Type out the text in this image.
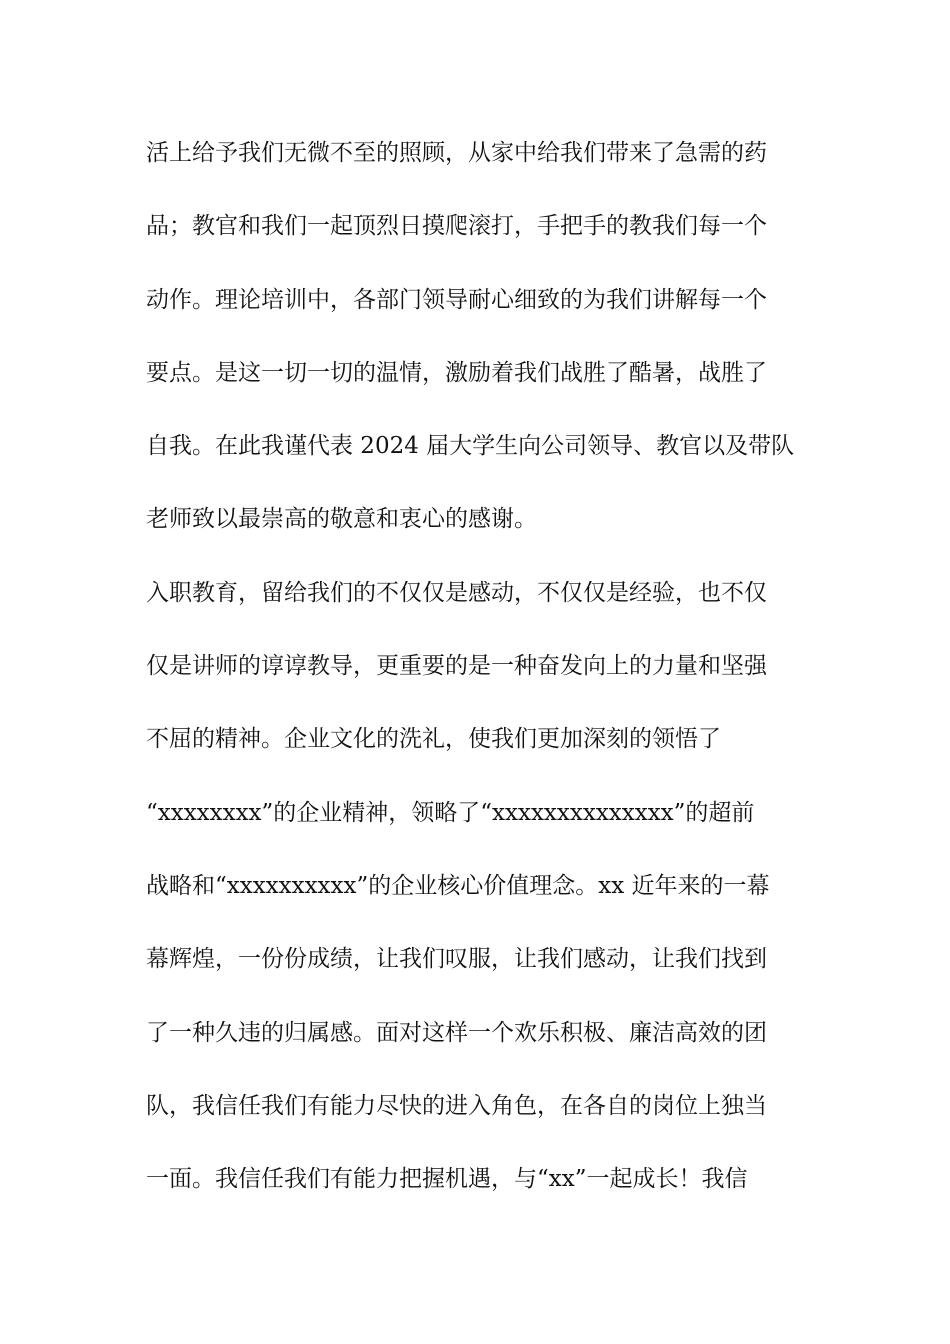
活上给予我们无微不至的照顾，从家中给我们带来了急需的药
品；教官和我们一起顶烈日摸爬滚打，手把手的教我们每一个
动作。理论培训中，各部门领导耐心细致的为我们讲解每一个
要点。是这一切一切的温情，激励着我们战胜了酷暑，战胜了
自我。在此我谨代表 2024 届大学生向公司领导、教官以及带队
老师致以最崇高的敬意和衷心的感谢。
入职教育，留给我们的不仅仅是感动，不仅仅是经验，也不仅
仅是讲师的谆谆教导，更重要的是一种奋发向上的力量和坚强
不屈的精神。企业文化的洗礼，使我们更加深刻的领悟了
“xxxxxxxx”的企业精神，领略了“xxxxxxxxxxxxxx”的超前
战略和“xxxxxxxxxx”的企业核心价值理念。xx 近年来的一幕
幕辉煌，一份份成绩，让我们叹服，让我们感动，让我们找到
了一种久违的归属感。面对这样一个欢乐积极、廉洁高效的团
队，我信任我们有能力尽快的进入角色，在各自的岗位上独当
一面。我信任我们有能力把握机遇，与“xx”一起成长！我信
